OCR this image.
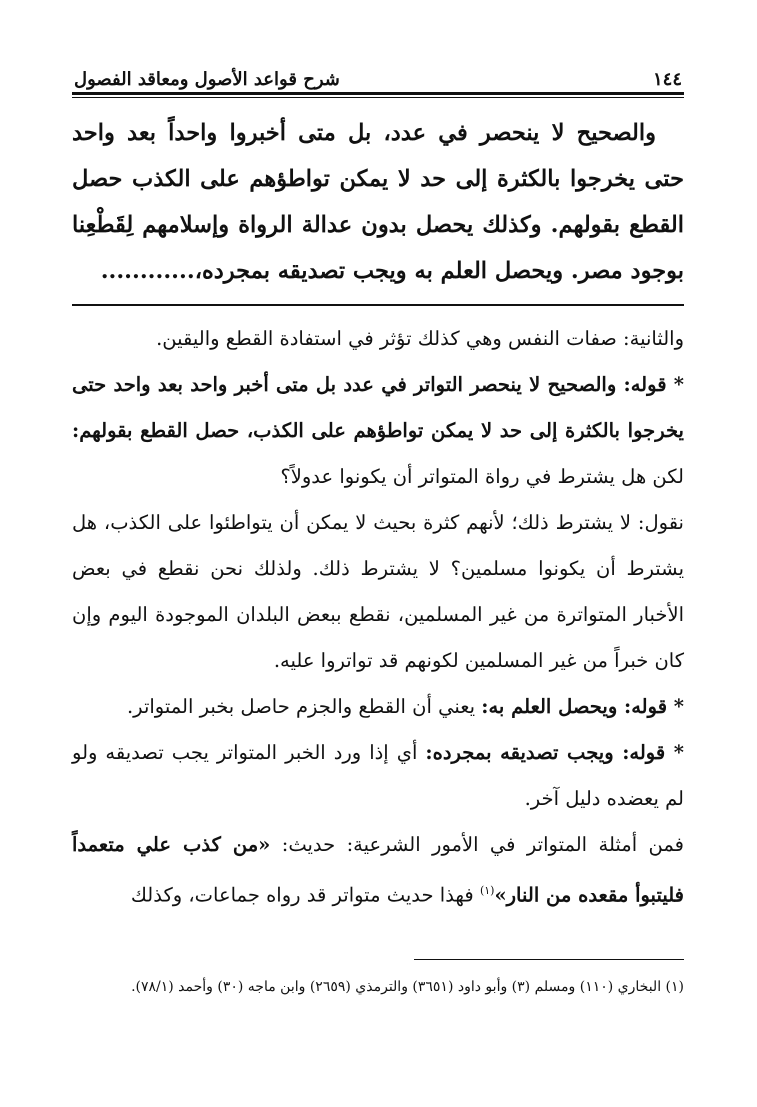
١٤٤
شرح قواعد الأصول ومعاقد الفصول

والصحيح لا ينحصر في عدد، بل متى أخبروا واحداً بعد واحد حتى يخرجوا بالكثرة إلى حد لا يمكن تواطؤهم على الكذب حصل القطع بقولهم. وكذلك يحصل بدون عدالة الرواة وإسلامهم لِقَطْعِنا بوجود مصر. ويحصل العلم به ويجب تصديقه بمجرده،............

والثانية: صفات النفس وهي كذلك تؤثر في استفادة القطع واليقين.

* قوله: والصحيح لا ينحصر التواتر في عدد بل متى أخبر واحد بعد واحد حتى يخرجوا بالكثرة إلى حد لا يمكن تواطؤهم على الكذب، حصل القطع بقولهم: لكن هل يشترط في رواة المتواتر أن يكونوا عدولاً؟

نقول: لا يشترط ذلك؛ لأنهم كثرة بحيث لا يمكن أن يتواطئوا على الكذب، هل يشترط أن يكونوا مسلمين؟ لا يشترط ذلك. ولذلك نحن نقطع في بعض الأخبار المتواترة من غير المسلمين، نقطع ببعض البلدان الموجودة اليوم وإن كان خبراً من غير المسلمين لكونهم قد تواتروا عليه.

* قوله: ويحصل العلم به: يعني أن القطع والجزم حاصل بخبر المتواتر.

* قوله: ويجب تصديقه بمجرده: أي إذا ورد الخبر المتواتر يجب تصديقه ولو لم يعضده دليل آخر.

فمن أمثلة المتواتر في الأمور الشرعية: حديث: «من كذب علي متعمداً فليتبوأ مقعده من النار»$^{(١)}$ فهذا حديث متواتر قد رواه جماعات، وكذلك

(١) البخاري (١١٠) ومسلم (٣) وأبو داود (٣٦٥١) والترمذي (٢٦٥٩) وابن ماجه (٣٠) وأحمد (٧٨/١).
